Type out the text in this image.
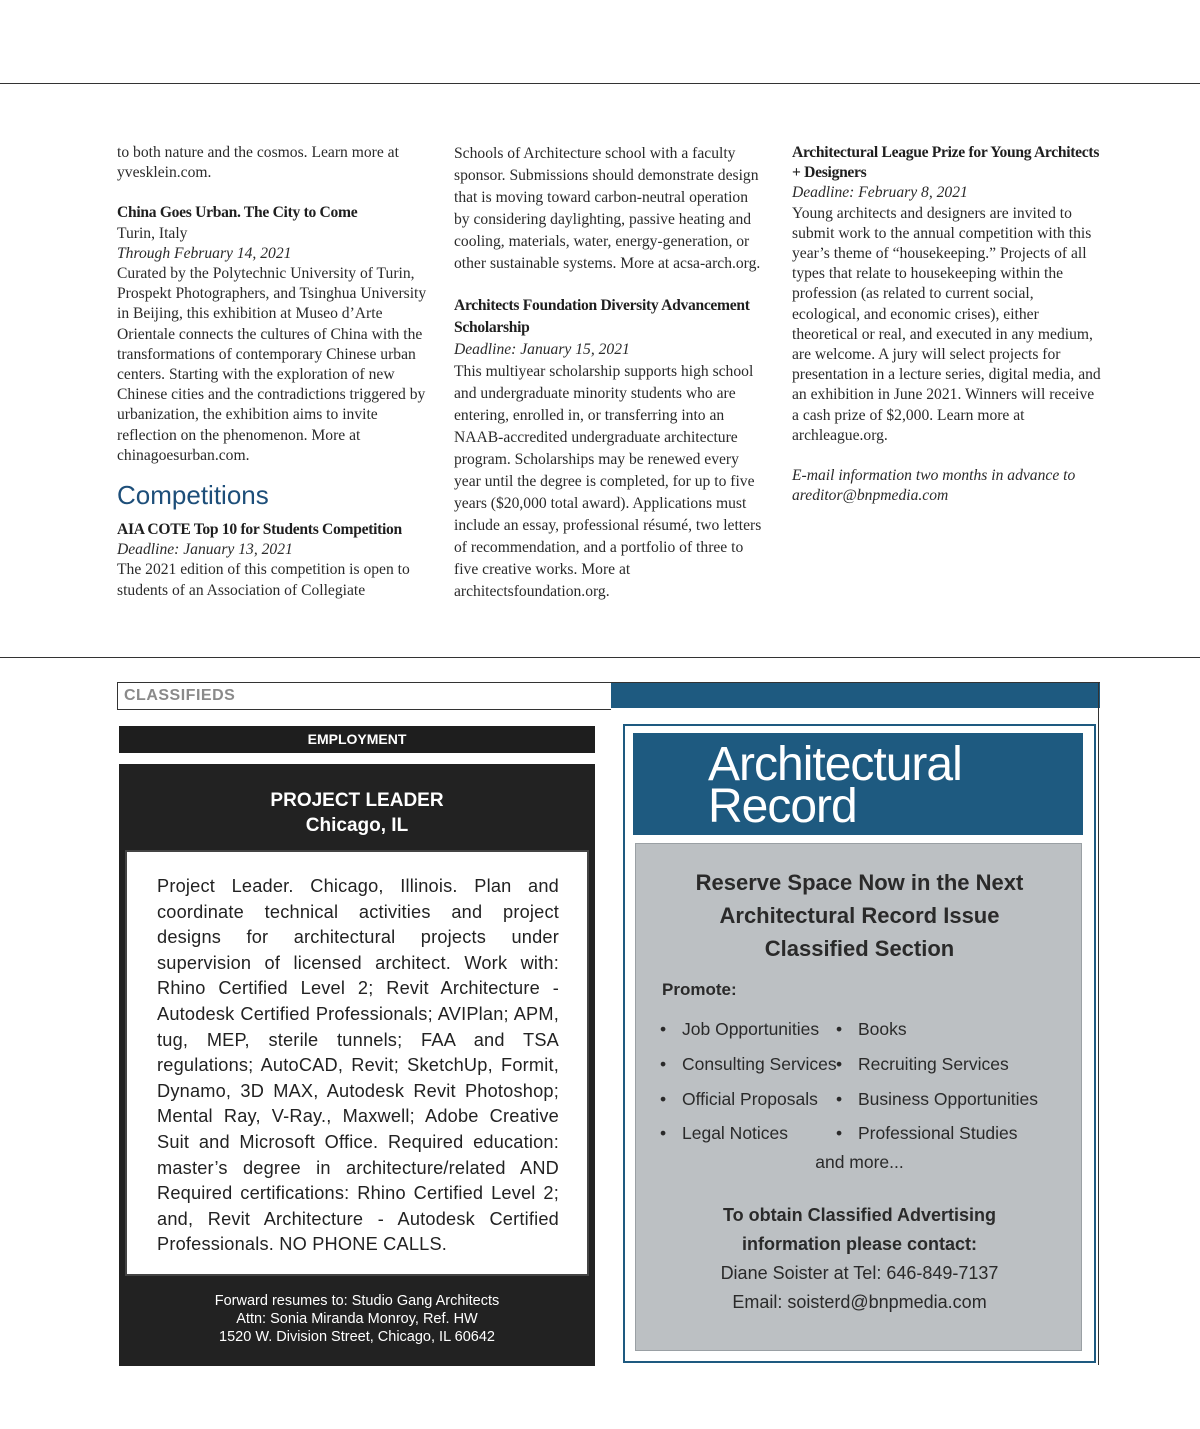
to both nature and the cosmos. Learn more at yvesklein.com.
China Goes Urban. The City to Come
Turin, Italy
Through February 14, 2021
Curated by the Polytechnic University of Turin, Prospekt Photographers, and Tsinghua University in Beijing, this exhibition at Museo d’Arte Orientale connects the cultures of China with the transformations of contemporary Chinese urban centers. Starting with the exploration of new Chinese cities and the contradictions triggered by urbanization, the exhibition aims to invite reflection on the phenomenon. More at chinagoesurban.com.
Competitions
AIA COTE Top 10 for Students Competition
Deadline: January 13, 2021
The 2021 edition of this competition is open to students of an Association of Collegiate
Schools of Architecture school with a faculty sponsor. Submissions should demonstrate design that is moving toward carbon-neutral operation by considering daylighting, passive heating and cooling, materials, water, energy-generation, or other sustainable systems. More at acsa-arch.org.
Architects Foundation Diversity Advancement Scholarship
Deadline: January 15, 2021
This multiyear scholarship supports high school and undergraduate minority students who are entering, enrolled in, or transferring into an NAAB-accredited undergraduate architecture program. Scholarships may be renewed every year until the degree is completed, for up to five years ($20,000 total award). Applications must include an essay, professional résumé, two letters of recommendation, and a portfolio of three to five creative works. More at architectsfoundation.org.
Architectural League Prize for Young Architects + Designers
Deadline: February 8, 2021
Young architects and designers are invited to submit work to the annual competition with this year’s theme of “housekeeping.” Projects of all types that relate to housekeeping within the profession (as related to current social, ecological, and economic crises), either theoretical or real, and executed in any medium, are welcome. A jury will select projects for presentation in a lecture series, digital media, and an exhibition in June 2021. Winners will receive a cash prize of $2,000. Learn more at archleague.org.
E-mail information two months in advance to areditor@bnpmedia.com
CLASSIFIEDS
EMPLOYMENT
PROJECT LEADER
Chicago, IL

Project Leader. Chicago, Illinois. Plan and coordinate technical activities and project designs for architectural projects under supervision of licensed architect. Work with: Rhino Certified Level 2; Revit Architecture - Autodesk Certified Professionals; AVIPlan; APM, tug, MEP, sterile tunnels; FAA and TSA regulations; AutoCAD, Revit; SketchUp, Formit, Dynamo, 3D MAX, Autodesk Revit Photoshop; Mental Ray, V-Ray., Maxwell; Adobe Creative Suit and Microsoft Office. Required education: master’s degree in architecture/related AND Required certifications: Rhino Certified Level 2; and, Revit Architecture - Autodesk Certified Professionals. NO PHONE CALLS.

Forward resumes to: Studio Gang Architects
Attn: Sonia Miranda Monroy, Ref. HW
1520 W. Division Street, Chicago, IL 60642
Architectural
Record
Reserve Space Now in the Next
Architectural Record Issue
Classified Section
Promote:
• Job Opportunities
• Consulting Services
• Official Proposals
• Legal Notices
• Books
• Recruiting Services
• Business Opportunities
• Professional Studies
and more...
To obtain Classified Advertising
information please contact:
Diane Soister at Tel: 646-849-7137
Email: soisterd@bnpmedia.com
